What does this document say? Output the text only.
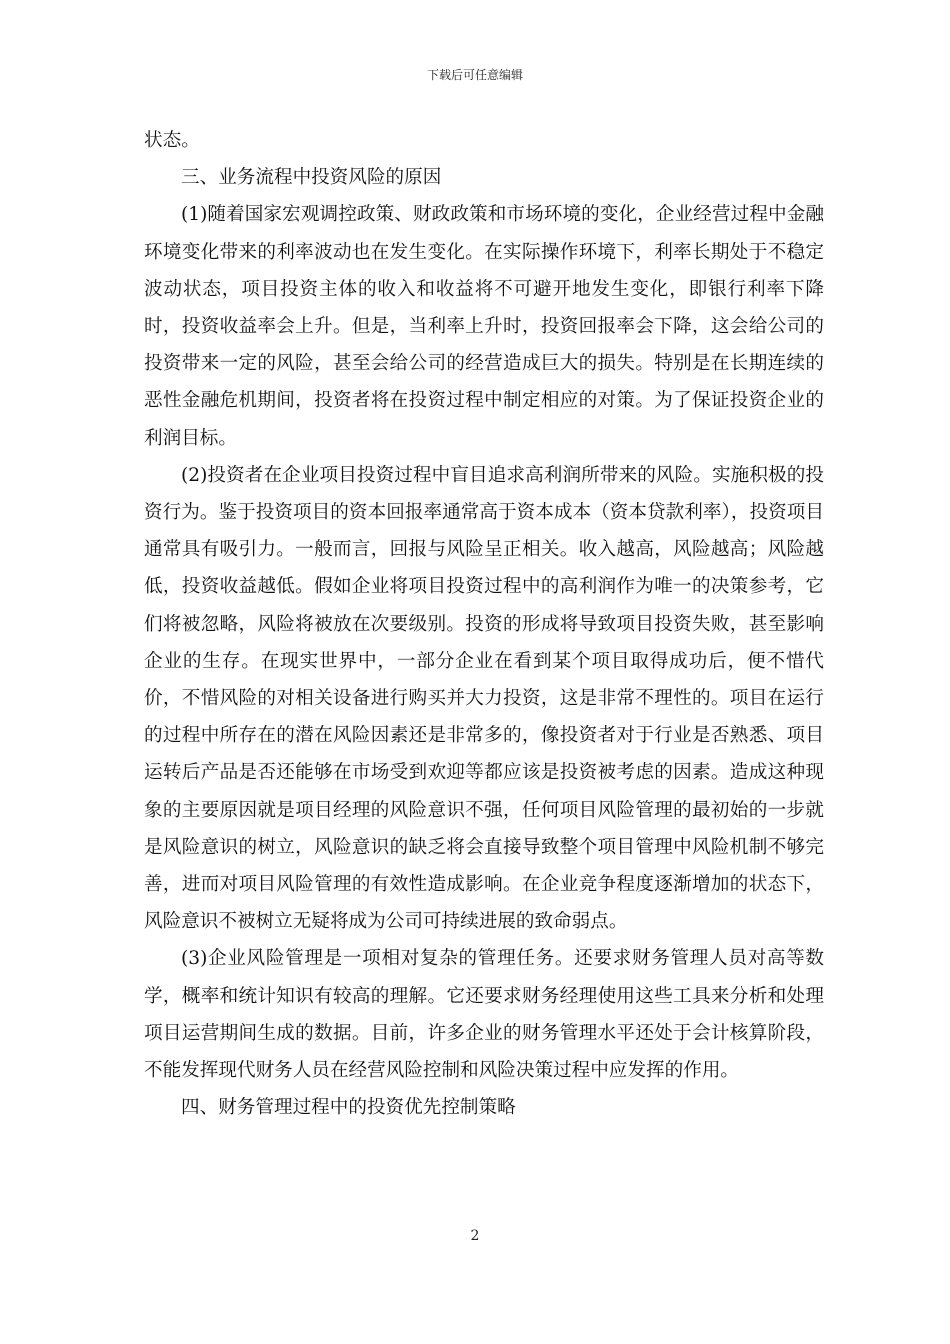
下载后可任意编辑

状态。

三、业务流程中投资风险的原因

(1)随着国家宏观调控政策、财政政策和市场环境的变化，企业经营过程中金融环境变化带来的利率波动也在发生变化。在实际操作环境下，利率长期处于不稳定波动状态，项目投资主体的收入和收益将不可避开地发生变化，即银行利率下降时，投资收益率会上升。但是，当利率上升时，投资回报率会下降，这会给公司的投资带来一定的风险，甚至会给公司的经营造成巨大的损失。特别是在长期连续的恶性金融危机期间，投资者将在投资过程中制定相应的对策。为了保证投资企业的利润目标。

(2)投资者在企业项目投资过程中盲目追求高利润所带来的风险。实施积极的投资行为。鉴于投资项目的资本回报率通常高于资本成本（资本贷款利率），投资项目通常具有吸引力。一般而言，回报与风险呈正相关。收入越高，风险越高；风险越低，投资收益越低。假如企业将项目投资过程中的高利润作为唯一的决策参考，它们将被忽略，风险将被放在次要级别。投资的形成将导致项目投资失败，甚至影响企业的生存。在现实世界中，一部分企业在看到某个项目取得成功后，便不惜代价，不惜风险的对相关设备进行购买并大力投资，这是非常不理性的。项目在运行的过程中所存在的潜在风险因素还是非常多的，像投资者对于行业是否熟悉、项目运转后产品是否还能够在市场受到欢迎等都应该是投资被考虑的因素。造成这种现象的主要原因就是项目经理的风险意识不强，任何项目风险管理的最初始的一步就是风险意识的树立，风险意识的缺乏将会直接导致整个项目管理中风险机制不够完善，进而对项目风险管理的有效性造成影响。在企业竞争程度逐渐增加的状态下，风险意识不被树立无疑将成为公司可持续进展的致命弱点。

(3)企业风险管理是一项相对复杂的管理任务。还要求财务管理人员对高等数学，概率和统计知识有较高的理解。它还要求财务经理使用这些工具来分析和处理项目运营期间生成的数据。目前，许多企业的财务管理水平还处于会计核算阶段，不能发挥现代财务人员在经营风险控制和风险决策过程中应发挥的作用。

四、财务管理过程中的投资优先控制策略

2
